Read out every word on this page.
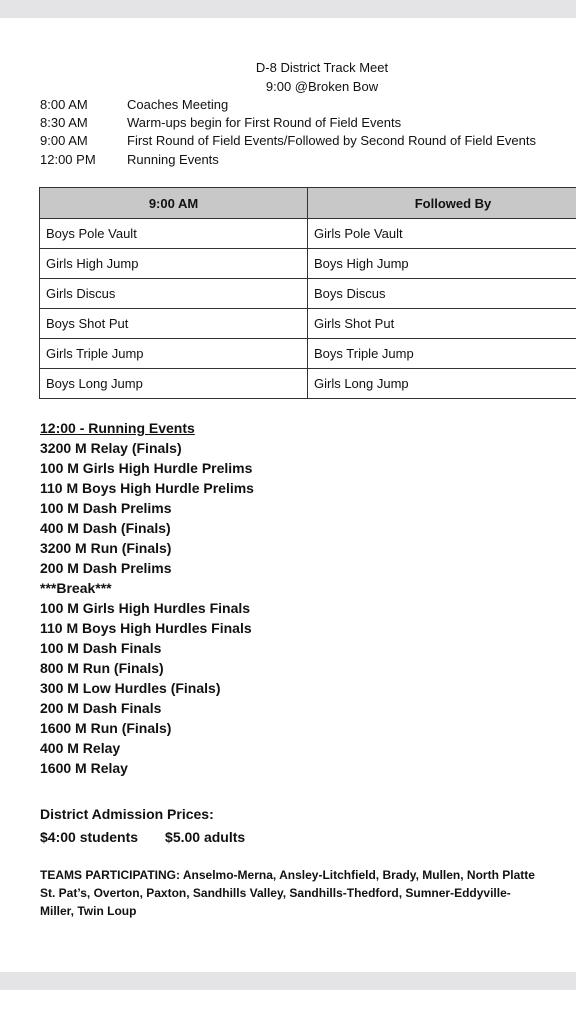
D-8 District Track Meet
9:00 @Broken Bow
8:00 AM	Coaches Meeting
8:30 AM	Warm-ups begin for First Round of Field Events
9:00 AM	First Round of Field Events/Followed by Second Round of Field Events
12:00 PM	Running Events
9:00 AM	Followed By
Boys Pole Vault	Girls Pole Vault
Girls High Jump	Boys High Jump
Girls Discus	Boys Discus
Boys Shot Put	Girls Shot Put
Girls Triple Jump	Boys Triple Jump
Boys Long Jump	Girls Long Jump
12:00 - Running Events
3200 M Relay (Finals)
100 M Girls High Hurdle Prelims
110 M Boys High Hurdle Prelims
100 M Dash Prelims
400 M Dash (Finals)
3200 M Run (Finals)
200 M Dash Prelims
***Break***
100 M Girls High Hurdles Finals
110 M Boys High Hurdles Finals
100 M Dash Finals
800 M Run (Finals)
300 M Low Hurdles (Finals)
200 M Dash Finals
1600 M Run (Finals)
400 M Relay
1600 M Relay
District Admission Prices:
$4:00 students $5.00 adults
TEAMS PARTICIPATING: Anselmo-Merna, Ansley-Litchfield, Brady, Mullen, North Platte St. Pat’s, Overton, Paxton, Sandhills Valley, Sandhills-Thedford, Sumner-Eddyville-Miller, Twin Loup
